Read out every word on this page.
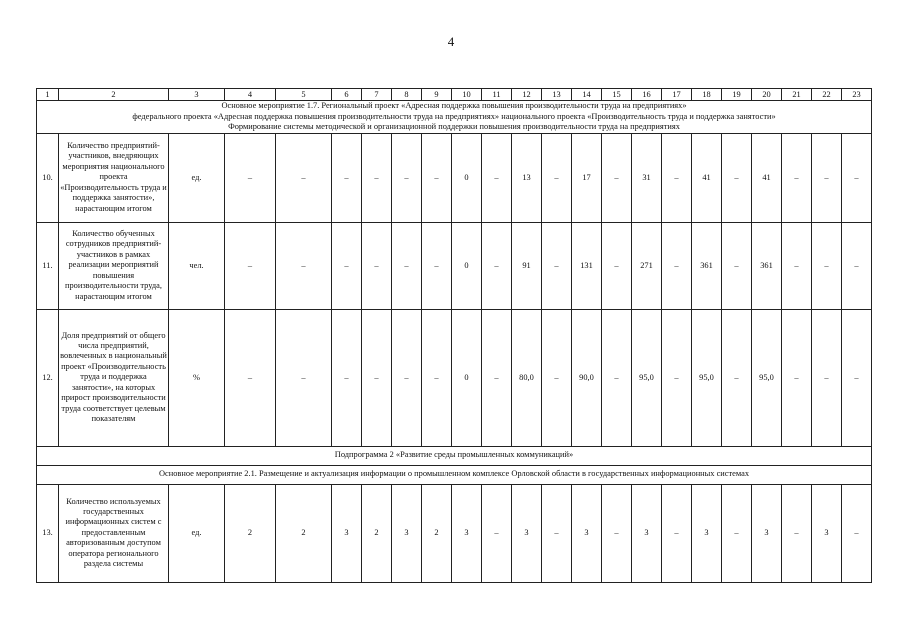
4
1	2	3	4	5	6	7	8	9	10	11	12	13	14	15	16	17	18	19	20	21	22	23

Основное мероприятие 1.7. Региональный проект «Адресная поддержка повышения производительности труда на предприятиях»
федерального проекта «Адресная поддержка повышения производительности труда на предприятиях» национального проекта «Производительность труда и поддержка занятости»
Формирование системы методической и организационной поддержки повышения производительности труда на предприятиях																						

10.	Количество предприятий-участников, внедряющих мероприятия национального проекта «Производительность труда и поддержка занятости», нарастающим итогом	ед.	–	–	–	–	–	–	0	–	13	–	17	–	31	–	41	–	41	–	–	–
11.	Количество обученных сотрудников предприятий-участников в рамках реализации мероприятий повышения производительности труда, нарастающим итогом	чел.	–	–	–	–	–	–	0	–	91	–	131	–	271	–	361	–	361	–	–	–
12.	Доля предприятий от общего числа предприятий, вовлеченных в национальный проект «Производительность труда и поддержка занятости», на которых прирост производительности труда соответствует целевым показателям	%	–	–	–	–	–	–	0	–	80,0	–	90,0	–	95,0	–	95,0	–	95,0	–	–	–
Подпрограмма 2 «Развитие среды промышленных коммуникаций»																						
Основное мероприятие 2.1. Размещение и актуализация информации о промышленном комплексе Орловской области в государственных информационных системах																						
13.	Количество используемых государственных информационных систем с предоставленным авторизованным доступом оператора регионального раздела системы	ед.	2	2	3	2	3	2	3	–	3	–	3	–	3	–	3	–	3	–	3	–
